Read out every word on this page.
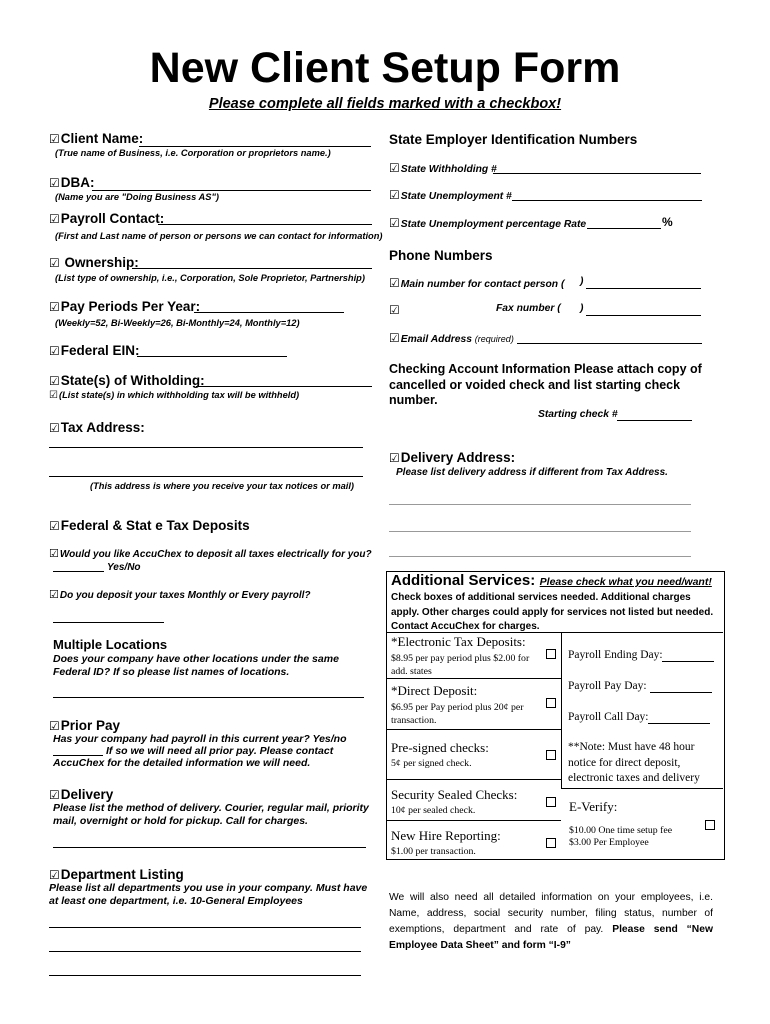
New Client Setup Form
Please complete all fields marked with a checkbox!
☑Client Name:
(True name of Business, i.e. Corporation or proprietors name.)
☑DBA:
(Name you are "Doing Business AS")
☑Payroll Contact:
(First and Last name of person or persons we can contact for information)
☑ Ownership:
(List type of ownership, i.e., Corporation, Sole Proprietor, Partnership)
☑Pay Periods Per Year:
(Weekly=52, Bi-Weekly=26, Bi-Monthly=24, Monthly=12)
☑Federal EIN:
☑State(s) of Witholding:
☑(List state(s) in which withholding tax will be withheld)
☑Tax Address:
(This address is where you receive your tax notices or mail)
☑Federal & Stat e Tax Deposits
☑Would you like AccuChex to deposit all taxes electrically for you?
Yes/No
☑Do you deposit your taxes Monthly or Every payroll?
Multiple Locations
Does your company have other locations under the same Federal ID? If so please list names of locations.
☑Prior Pay
Has your company had payroll in this current year? Yes/no
If so we will need all prior pay. Please contact
AccuChex for the detailed information we will need.
☑Delivery
Please list the method of delivery. Courier, regular mail, priority mail, overnight or hold for pickup. Call for charges.
☑Department Listing
Please list all departments you use in your company. Must have at least one department, i.e. 10-General Employees
State Employer Identification Numbers
☑State Withholding #
☑State Unemployment #
☑State Unemployment percentage Rate	%
Phone Numbers
☑Main number for contact person ( )
☑	Fax number ( )
☑Email Address (required)
Checking Account Information Please attach copy of cancelled or voided check and list starting check number.
Starting check #
☑Delivery Address:
Please list delivery address if different from Tax Address.
Additional Services: Please check what you need/want!
Check boxes of additional services needed. Additional charges apply. Other charges could apply for services not listed but needed. Contact AccuChex for charges.
*Electronic Tax Deposits:
$8.95 per pay period plus $2.00 for add. states
*Direct Deposit:
$6.95 per Pay period plus 20¢ per transaction.
Pre-signed checks:
5¢ per signed check.
Security Sealed Checks:
10¢ per sealed check.
New Hire Reporting:
$1.00 per transaction.
Payroll Ending Day:
Payroll Pay Day:
Payroll Call Day:
**Note: Must have 48 hour notice for direct deposit, electronic taxes and delivery
E-Verify:
$10.00 One time setup fee
$3.00 Per Employee
We will also need all detailed information on your employees, i.e. Name, address, social security number, filing status, number of exemptions, department and rate of pay. Please send “New Employee Data Sheet” and form “I-9”
